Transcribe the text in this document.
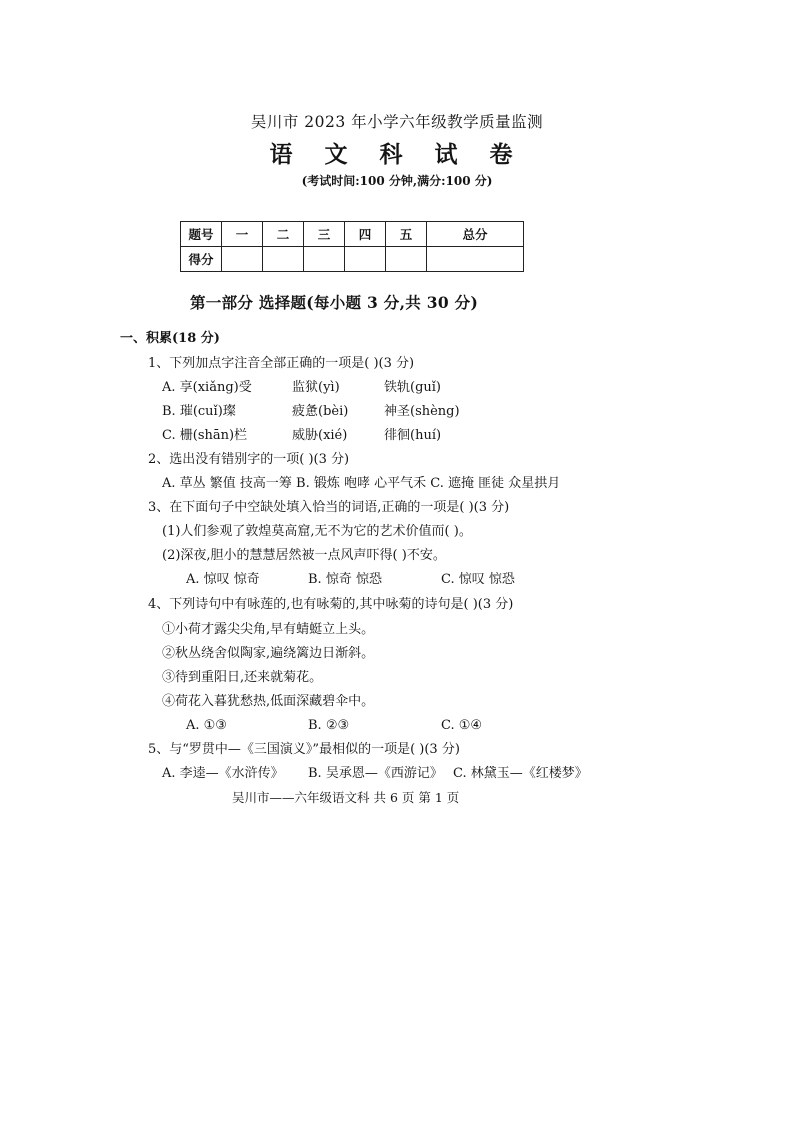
吴川市 2023 年小学六年级教学质量监测
语 文 科 试 卷
(考试时间:100 分钟,满分:100 分)
题号	一	二	三	四	五	总分
得分						
第一部分 选择题(每小题 3 分,共 30 分)
一、积累(18 分)
1、下列加点字注音全部正确的一项是( )(3 分)
A. 享(xiǎng)受	监狱(yì)	铁轨(guǐ)
B. 璀(cuǐ)璨	疲惫(bèi)	神圣(shèng)
C. 栅(shān)栏	威胁(xié)	徘徊(huí)
2、选出没有错别字的一项( )(3 分)
A. 草丛 繁值 技高一筹 B. 锻炼 咆哮 心平气禾 C. 遮掩 匪徒 众星拱月
3、在下面句子中空缺处填入恰当的词语,正确的一项是( )(3 分)
(1)人们参观了敦煌莫高窟,无不为它的艺术价值而( )。
(2)深夜,胆小的慧慧居然被一点风声吓得( )不安。
A. 惊叹 惊奇	B. 惊奇 惊恐	C. 惊叹 惊恐
4、下列诗句中有咏莲的,也有咏菊的,其中咏菊的诗句是( )(3 分)
①小荷才露尖尖角,早有蜻蜓立上头。
②秋丛绕舍似陶家,遍绕篱边日渐斜。
③待到重阳日,还来就菊花。
④荷花入暮犹愁热,低面深藏碧伞中。
A. ①③	B. ②③	C. ①④
5、与“罗贯中—《三国演义》”最相似的一项是( )(3 分)
A. 李逵—《水浒传》 B. 吴承恩—《西游记》 C. 林黛玉—《红楼梦》
吴川市——六年级语文科 共 6 页 第 1 页
